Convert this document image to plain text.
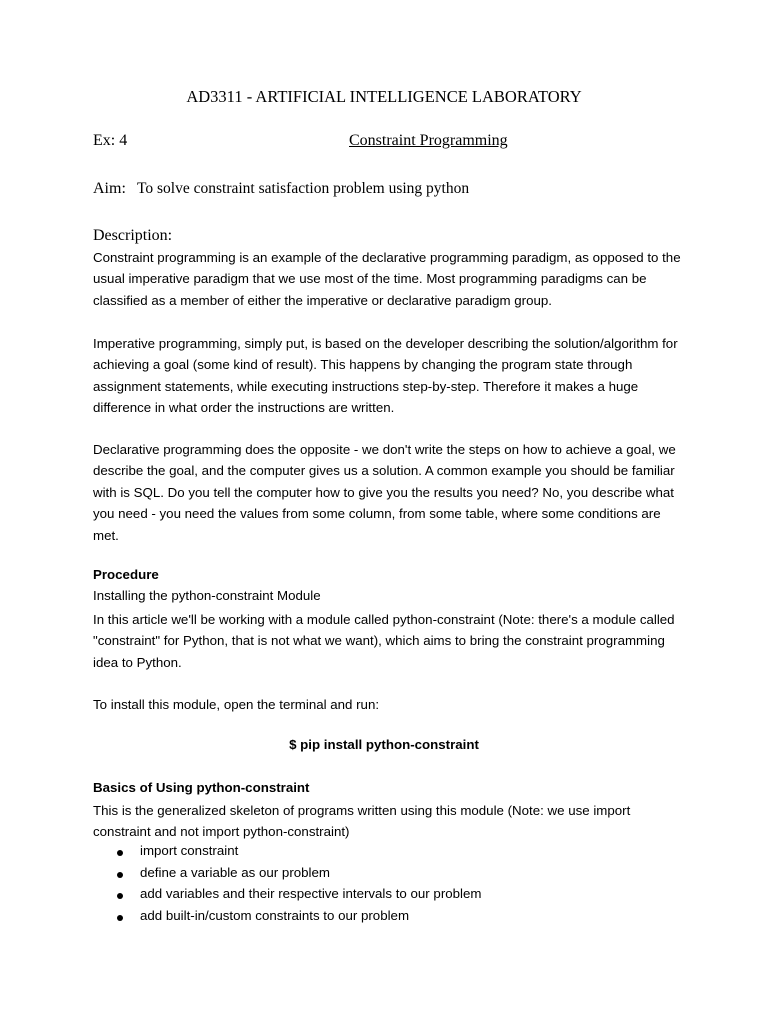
AD3311 - ARTIFICIAL INTELLIGENCE LABORATORY
Ex: 4	Constraint Programming
Aim: To solve constraint satisfaction problem using python
Description:
Constraint programming is an example of the declarative programming paradigm, as opposed to the
usual imperative paradigm that we use most of the time. Most programming paradigms can be
classified as a member of either the imperative or declarative paradigm group.
Imperative programming, simply put, is based on the developer describing the solution/algorithm for
achieving a goal (some kind of result). This happens by changing the program state through
assignment statements, while executing instructions step-by-step. Therefore it makes a huge
difference in what order the instructions are written.
Declarative programming does the opposite - we don't write the steps on how to achieve a goal, we
describe the goal, and the computer gives us a solution. A common example you should be familiar
with is SQL. Do you tell the computer how to give you the results you need? No, you describe what
you need - you need the values from some column, from some table, where some conditions are
met.
Procedure
Installing the python-constraint Module
In this article we'll be working with a module called python-constraint (Note: there's a module called
"constraint" for Python, that is not what we want), which aims to bring the constraint programming
idea to Python.
To install this module, open the terminal and run:
$ pip install python-constraint
Basics of Using python-constraint
This is the generalized skeleton of programs written using this module (Note: we use import
constraint and not import python-constraint)
import constraint
define a variable as our problem
add variables and their respective intervals to our problem
add built-in/custom constraints to our problem
